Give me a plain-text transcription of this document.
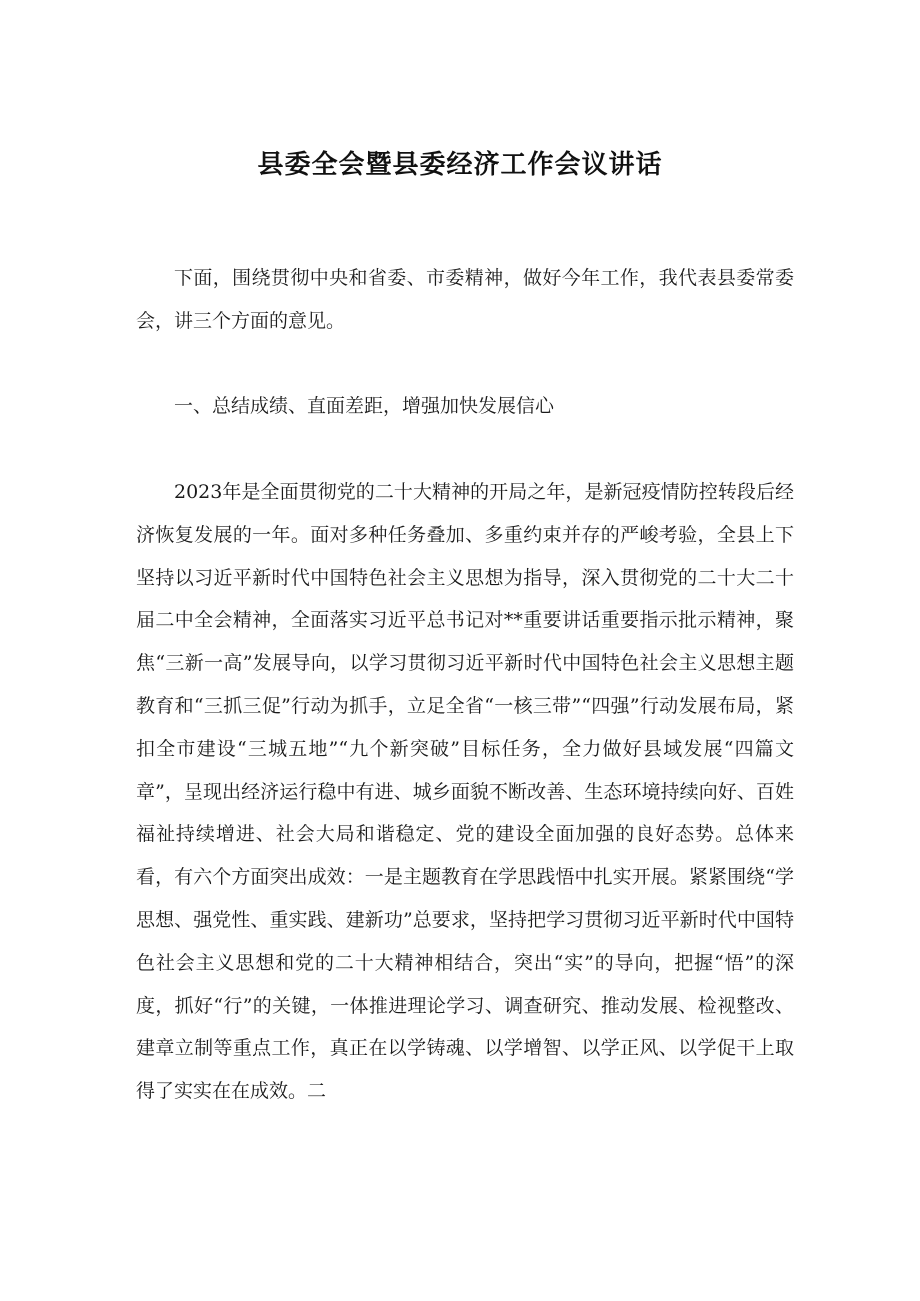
县委全会暨县委经济工作会议讲话

下面，围绕贯彻中央和省委、市委精神，做好今年工作，我代表县委常委会，讲三个方面的意见。

一、总结成绩、直面差距，增强加快发展信心

2023年是全面贯彻党的二十大精神的开局之年，是新冠疫情防控转段后经济恢复发展的一年。面对多种任务叠加、多重约束并存的严峻考验，全县上下坚持以习近平新时代中国特色社会主义思想为指导，深入贯彻党的二十大二十届二中全会精神，全面落实习近平总书记对**重要讲话重要指示批示精神，聚焦“三新一高”发展导向，以学习贯彻习近平新时代中国特色社会主义思想主题教育和“三抓三促”行动为抓手，立足全省“一核三带”“四强”行动发展布局，紧扣全市建设“三城五地”“九个新突破”目标任务，全力做好县域发展“四篇文章”，呈现出经济运行稳中有进、城乡面貌不断改善、生态环境持续向好、百姓福祉持续增进、社会大局和谐稳定、党的建设全面加强的良好态势。总体来看，有六个方面突出成效：一是主题教育在学思践悟中扎实开展。紧紧围绕“学思想、强党性、重实践、建新功”总要求，坚持把学习贯彻习近平新时代中国特色社会主义思想和党的二十大精神相结合，突出“实”的导向，把握“悟”的深度，抓好“行”的关键，一体推进理论学习、调查研究、推动发展、检视整改、建章立制等重点工作，真正在以学铸魂、以学增智、以学正风、以学促干上取得了实实在在成效。二
